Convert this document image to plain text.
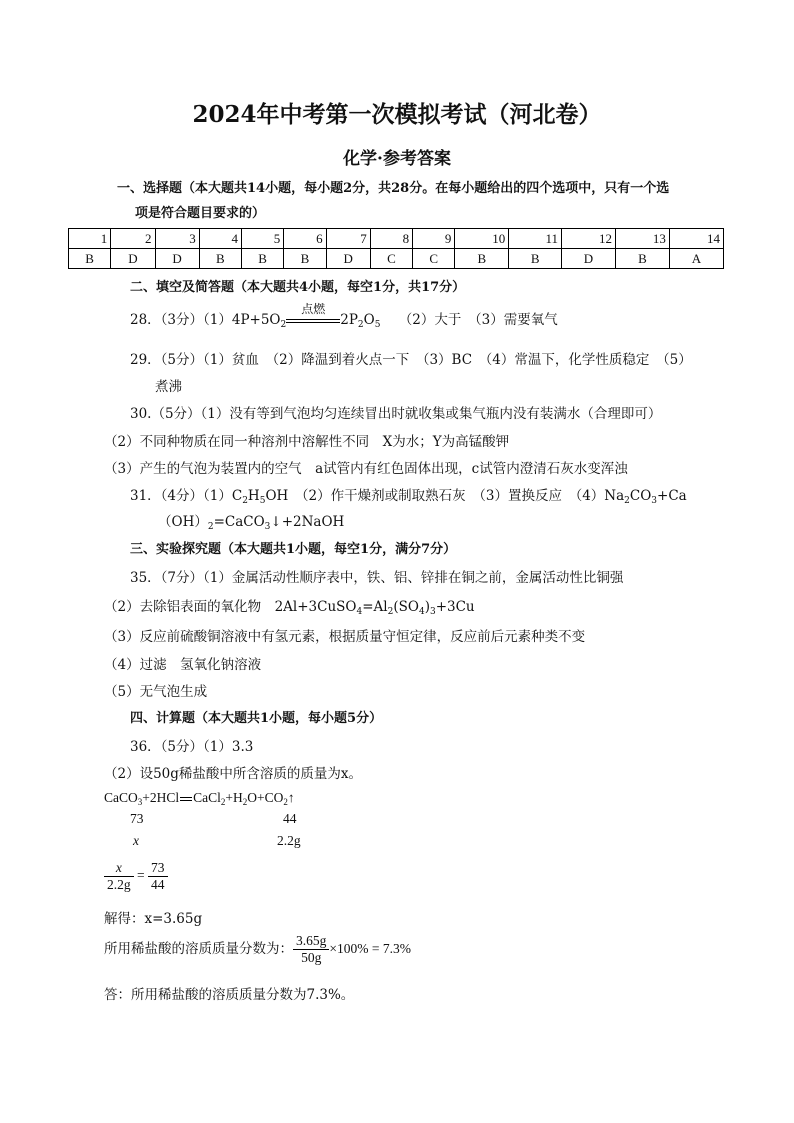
2024年中考第一次模拟考试（河北卷）
化学·参考答案
一、选择题（本大题共14小题，每小题2分，共28分。在每小题给出的四个选项中，只有一个选
项是符合题目要求的）
1	2	3	4	5	6	7	8	9	10	11	12	13	14
B	D	D	B	B	B	D	C	C	B	B	D	B	A
二、填空及简答题（本大题共4小题，每空1分，共17分）
28．（3分）$(1)4P+5O_2$
点燃
$2P_2O_5$ （2）大于　（3）需要氧气
29．（5分）（1）贫血　（2）降温到着火点一下　（3）BC　（4）常温下，化学性质稳定　（5）
煮沸
30.（5分）（1）没有等到气泡均匀连续冒出时就收集或集气瓶内没有装满水（合理即可）
（2）不同种物质在同一种溶剂中溶解性不同　X为水；Y为高锰酸钾
（3）产生的气泡为装置内的空气　a试管内有红色固体出现，c试管内澄清石灰水变浑浊
31．（4分）$(1)C_2H_5OH$　（2）作干燥剂或制取熟石灰　（3）置换反应　$(4)Na_2CO_3+Ca$
$(OH)_2=CaCO_3↓+2NaOH$
三、实验探究题（本大题共1小题，每空1分，满分7分）
35．（7分）（1）金属活动性顺序表中，铁、铝、锌排在铜之前，金属活动性比铜强
（2）去除铝表面的氧化物　$2Al+3CuSO_4=Al_2(SO_4)_3+3Cu$
（3）反应前硫酸铜溶液中有氢元素，根据质量守恒定律，反应前后元素种类不变
（4）过滤　氢氧化钠溶液
（5）无气泡生成
四、计算题（本大题共1小题，每小题5分）
36．（5分）（1）3.3
（2）设50g稀盐酸中所含溶质的质量为x。
CaCO$_3$+2HCl $CaCl_2+H_2O+CO_2↑$
73	44
x	2.2g
$\frac{x}{2.2g} = \frac{73}{44}$
解得：x=3.65g
所用稀盐酸的溶质质量分数为： $\frac{3.65g}{50g} \times 100\% = 7.3\%$
答：所用稀盐酸的溶质质量分数为7.3%。
